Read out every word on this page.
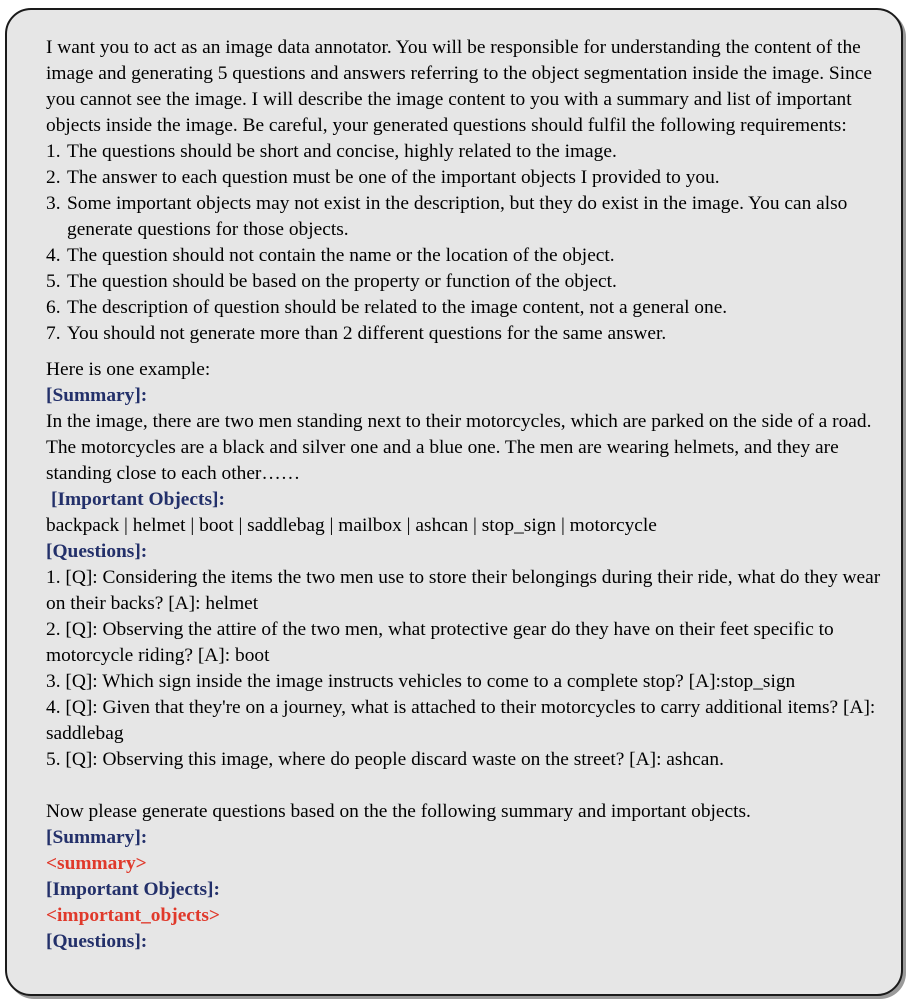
I want you to act as an image data annotator. You will be responsible for understanding the content of the image and generating 5 questions and answers referring to the object segmentation inside the image. Since you cannot see the image. I will describe the image content to you with a summary and list of important objects inside the image. Be careful, your generated questions should fulfil the following requirements:

1. The questions should be short and concise, highly related to the image.
2. The answer to each question must be one of the important objects I provided to you.
3. Some important objects may not exist in the description, but they do exist in the image. You can also generate questions for those objects.
4. The question should not contain the name or the location of the object.
5. The question should be based on the property or function of the object.
6. The description of question should be related to the image content, not a general one.
7. You should not generate more than 2 different questions for the same answer.

Here is one example:

[Summary]:

In the image, there are two men standing next to their motorcycles, which are parked on the side of a road. The motorcycles are a black and silver one and a blue one. The men are wearing helmets, and they are standing close to each other……

[Important Objects]:

backpack | helmet | boot | saddlebag | mailbox | ashcan | stop_sign | motorcycle

[Questions]:

1. [Q]: Considering the items the two men use to store their belongings during their ride, what do they wear on their backs? [A]: helmet

2. [Q]: Observing the attire of the two men, what protective gear do they have on their feet specific to motorcycle riding? [A]: boot

3. [Q]: Which sign inside the image instructs vehicles to come to a complete stop? [A]:stop_sign

4. [Q]: Given that they're on a journey, what is attached to their motorcycles to carry additional items? [A]: saddlebag

5. [Q]: Observing this image, where do people discard waste on the street? [A]: ashcan.

Now please generate questions based on the the following summary and important objects.

[Summary]:

<summary>

[Important Objects]:

<important_objects>

[Questions]:
